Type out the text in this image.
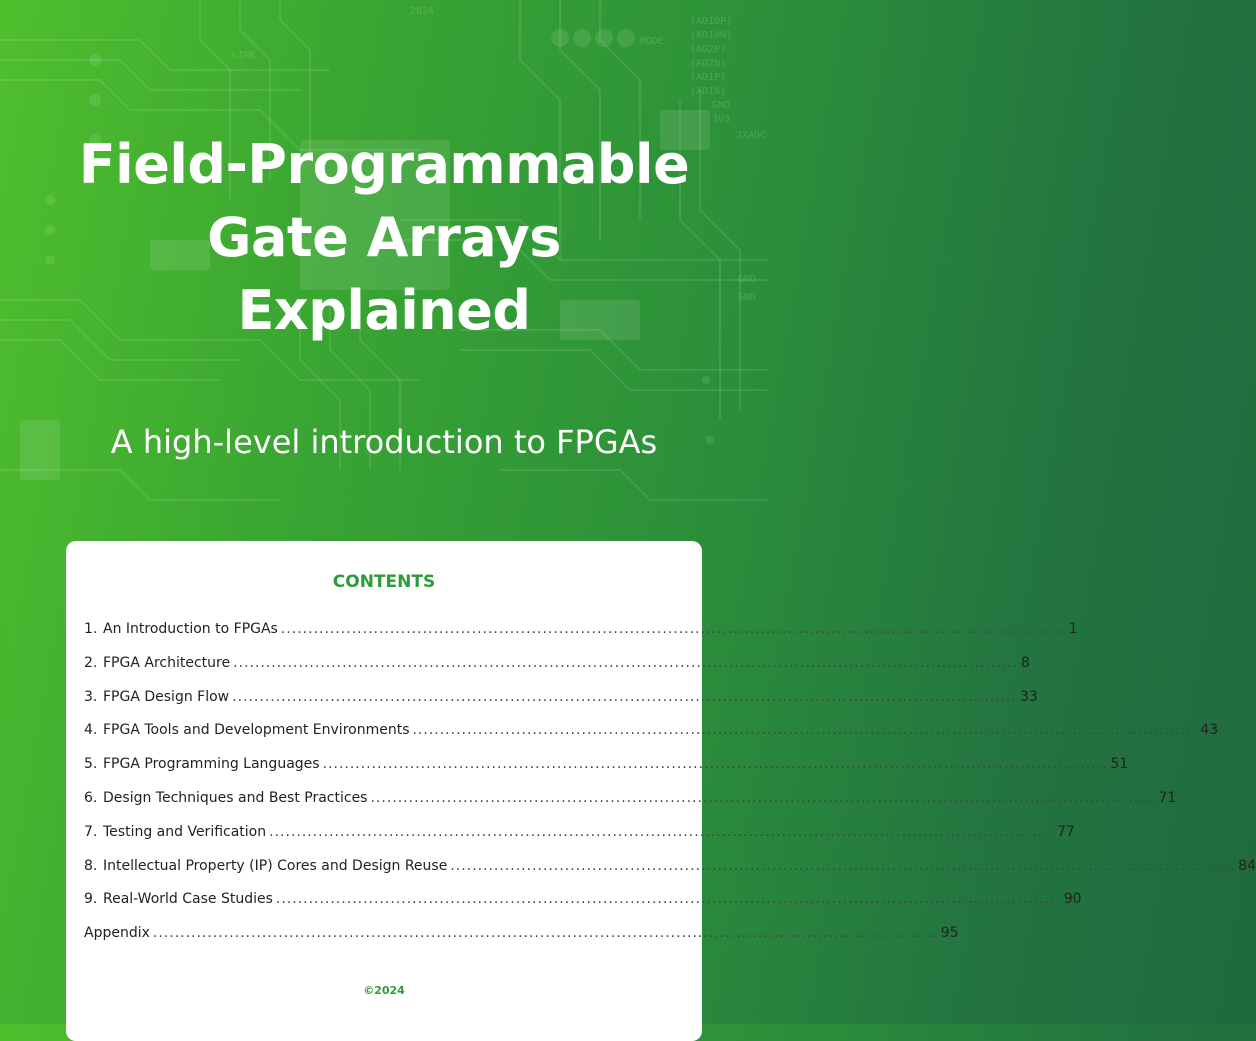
(AD10P)
(AD10N)
(AD2P)
(AD2N)
(AD1P)
(AD1N)
GND
3V3
MODE
JXADC
GND
GND
LINK
2024
Field-Programmable
Gate Arrays
Explained

A high-level introduction to FPGAs

CONTENTS
1. An Introduction to FPGAs ................................................................................................................................................ 1
2. FPGA Architecture ................................................................................................................................................ 8
3. FPGA Design Flow ................................................................................................................................................ 33
4. FPGA Tools and Development Environments ................................................................................................................................................ 43
5. FPGA Programming Languages ................................................................................................................................................ 51
6. Design Techniques and Best Practices ................................................................................................................................................ 71
7. Testing and Verification ................................................................................................................................................ 77
8. Intellectual Property (IP) Cores and Design Reuse ................................................................................................................................................ 84
9. Real-World Case Studies ................................................................................................................................................ 90
Appendix ................................................................................................................................................ 95

©2024
